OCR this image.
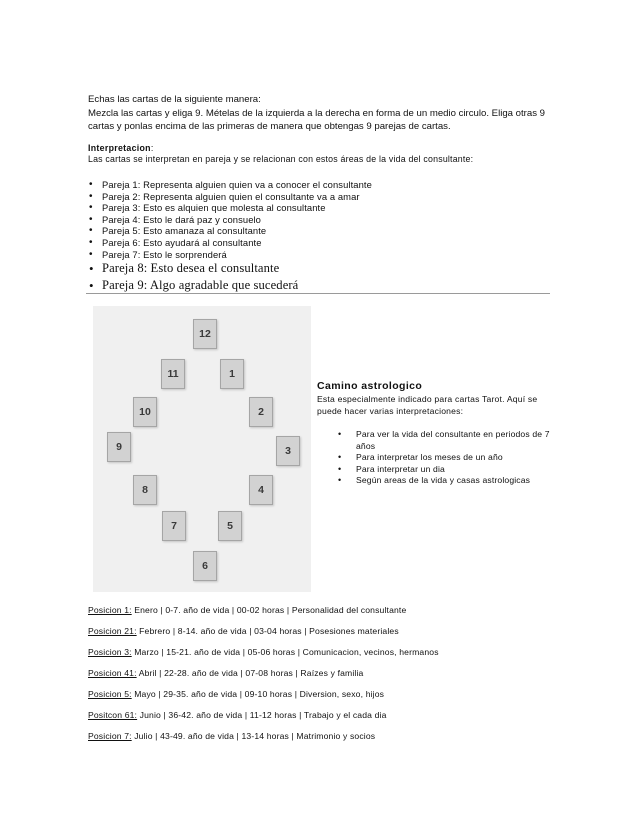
Echas las cartas de la siguiente manera:
Mezcla las cartas y eliga 9. Mételas de la izquierda a la derecha en forma de un medio circulo. Eliga otras 9 cartas y ponlas encima de las primeras de manera que obtengas 9 parejas de cartas.
Interpretacion:
Las cartas se interpretan en pareja y se relacionan con estos áreas de la vida del consultante:
• Pareja 1: Representa alguien quien va a conocer el consultante
• Pareja 2: Representa alguien quien el consultante va a amar
• Pareja 3: Esto es alquien que molesta al consultante
• Pareja 4: Esto le dará paz y consuelo
• Pareja 5: Esto amanaza al consultante
• Pareja 6: Esto ayudará al consultante
• Pareja 7: Esto le sorprenderá
• Pareja 8: Esto desea el consultante
• Pareja 9: Algo agradable que sucederá
12
11	1
10	2
9	3
8	4
7	5
6
Camino astrologico
Esta especialmente indicado para cartas Tarot. Aquí se puede hacer varias interpretaciones:
• Para ver la vida del consultante en periodos de 7 años
• Para interpretar los meses de un año
• Para interpretar un dia
• Según areas de la vida y casas astrologicas
Posicion 1: Enero | 0-7. año de vida | 00-02 horas | Personalidad del consultante
Posicion 21: Febrero | 8-14. año de vida | 03-04 horas | Posesiones materiales
Posicion 3: Marzo | 15-21. año de vida | 05-06 horas | Comunicacion, vecinos, hermanos
Posicion 41: Abril | 22-28. año de vida | 07-08 horas | Raízes y familia
Posicion 5: Mayo | 29-35. año de vida | 09-10 horas | Diversion, sexo, hijos
Positcon 61: Junio | 36-42. año de vida | 11-12 horas | Trabajo y el cada dia
Posicion 7: Julio | 43-49. año de vida | 13-14 horas | Matrimonio y socios
